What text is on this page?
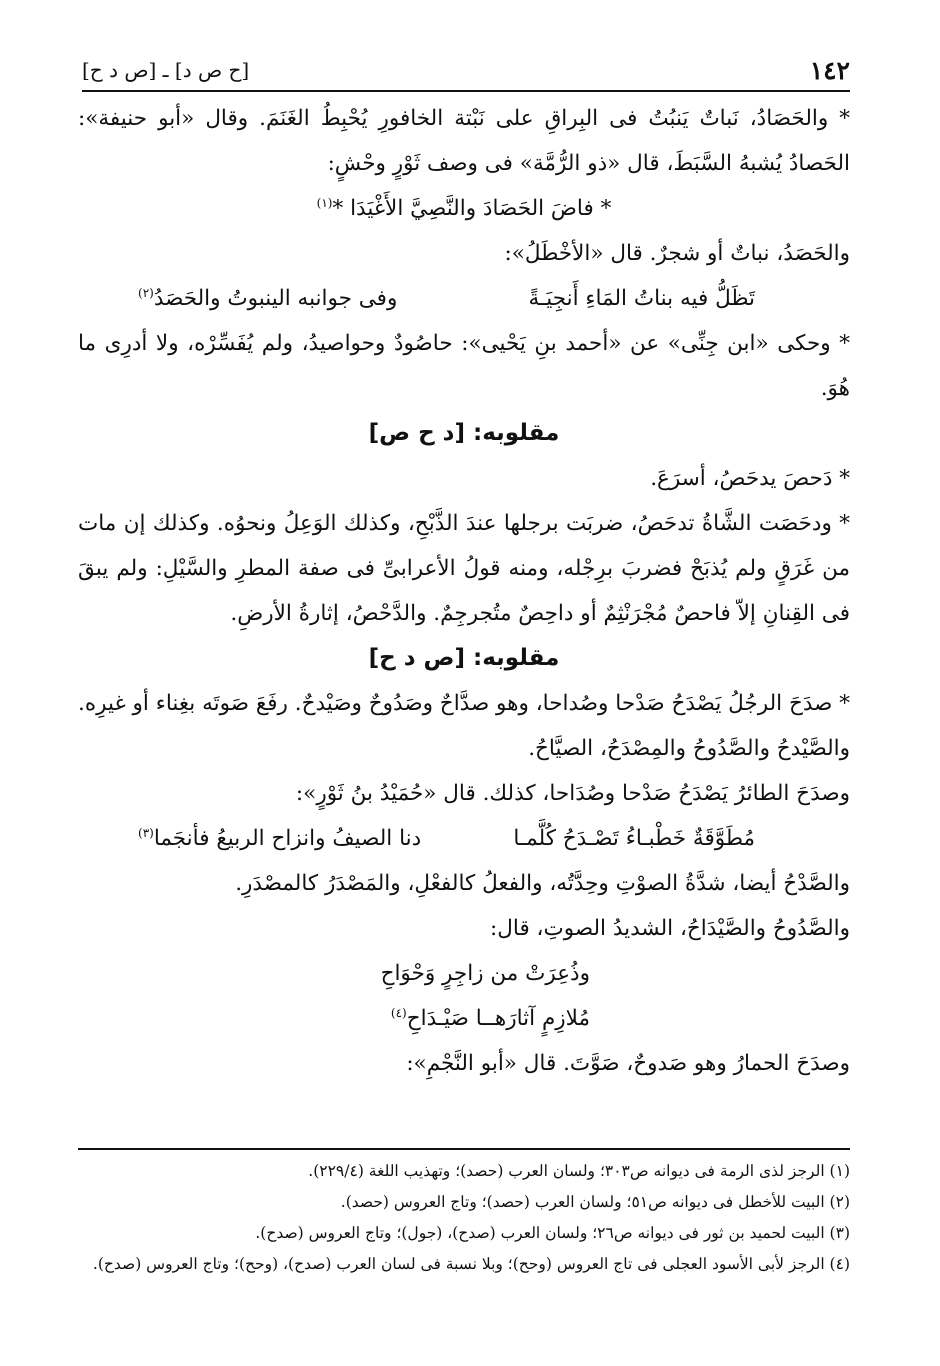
١٤٢
[ح ص د] ـ [ص د ح]

* والحَصَادُ، نَباتٌ يَنبُتُ فى البِراقِ على نَبْتة الخافورِ يُحْبِطُ الغَنَمَ. وقال «أبو حنيفة»: الحَصادُ يُشبهُ السَّبَطَ، قال «ذو الرُّمَّة» فى وصف ثَوْرٍ وحْشٍ:

* فاضَ الحَصَادَ والنَّصِيَّ الأَغْيَدَا *$^{(١)}$

والحَصَدُ، نباتٌ أو شجرٌ. قال «الأخْطَلُ»:

تَظَلُّ فيه بناتُ المَاءِ أَنجِيَـةً
وفى جوانبه الينبوتُ والحَصَدُ$^{(٢)}$

* وحكى «ابن جِنِّى» عن «أحمد بنِ يَحْيى»: حاصُودٌ وحواصيدُ، ولم يُفَسِّرْه، ولا أدرِى ما هُوَ.

مقلوبه: [د ح ص]

* دَحصَ يدحَصُ، أسرَعَ.

* ودحَصَت الشَّاةُ تدحَصُ، ضربَت برجلها عندَ الذَّبْحِ، وكذلك الوَعِلُ ونحوُه. وكذلك إن مات من غَرَقٍ ولم يُذبَحْ فضربَ برِجْله، ومنه قولُ الأعرابىِّ فى صفة المطرِ والسَّيْلِ: ولم يبقَ فى القِنانِ إلاّ فاحصٌ مُجْرَنْثِمٌ أو داحِصٌ متُجرجِمٌ. والدَّحْصُ، إثارةُ الأرضِ.

مقلوبه: [ص د ح]

* صدَحَ الرجُلُ يَصْدَحُ صَدْحا وصُداحا، وهو صدَّاحٌ وصَدُوحٌ وصَيْدحٌ. رفَعَ صَوتَه بغِناء أو غيرِه. والصَّيْدحُ والصَّدُوحُ والمِصْدَحُ، الصيَّاحُ.

وصدَحَ الطائرُ يَصْدَحُ صَدْحا وصُدَاحا، كذلك. قال «حُمَيْدُ بنُ ثَوْرٍ»:

مُطَوَّقَةٌ خَطْبـاءُ تَصْـدَحُ كُلَّمـا
دنا الصيفُ وانزاح الربيعُ فأنجَما$^{(٣)}$

والصَّدْحُ أيضا، شدَّةُ الصوْتِ وحِدَّتُه، والفعلُ كالفعْلِ، والمَصْدَرُ كالمصْدَرِ.

والصَّدُوحُ والصَّيْدَاحُ، الشديدُ الصوتِ، قال:

وذُعِرَتْ من زاجِرٍ وَحْوَاحِ

مُلازِمٍ آثارَهــا صَيْـدَاحِ$^{(٤)}$

وصدَحَ الحمارُ وهو صَدوحٌ، صَوَّتَ. قال «أبو النَّجْمِ»:

(١) الرجز لذى الرمة فى ديوانه ص٣٠٣؛ ولسان العرب (حصد)؛ وتهذيب اللغة (٢٢٩/٤).

(٢) البيت للأخطل فى ديوانه ص٥١؛ ولسان العرب (حصد)؛ وتاج العروس (حصد).

(٣) البيت لحميد بن ثور فى ديوانه ص٢٦؛ ولسان العرب (صدح)، (جول)؛ وتاج العروس (صدح).

(٤) الرجز لأبى الأسود العجلى فى تاج العروس (وحح)؛ وبلا نسبة فى لسان العرب (صدح)، (وحح)؛ وتاج العروس (صدح).
